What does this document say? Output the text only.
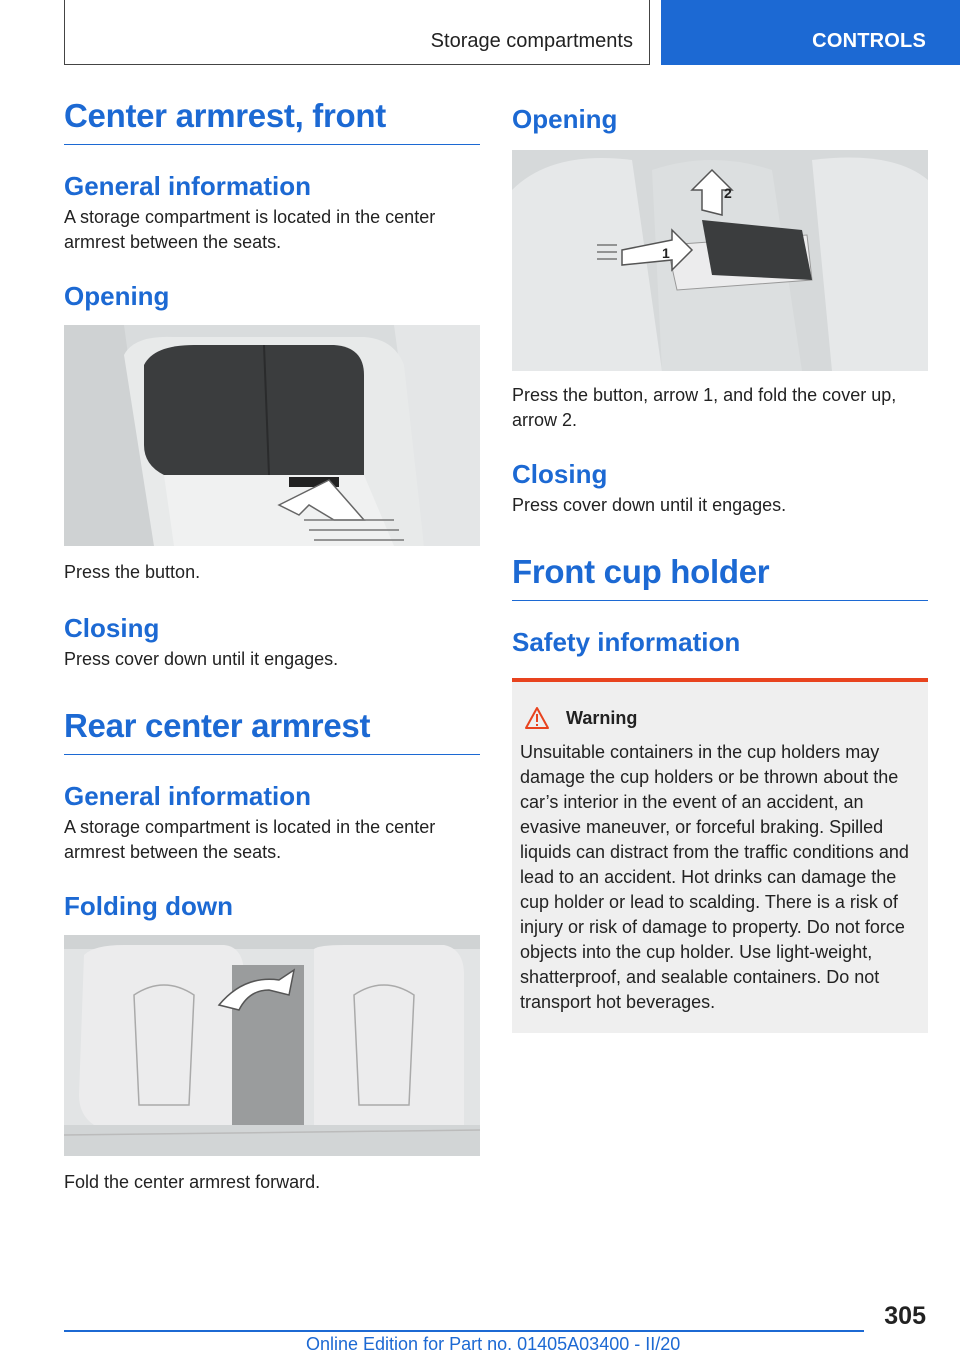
Storage compartments	CONTROLS
Center armrest, front
General information
A storage compartment is located in the center armrest between the seats.
Opening
Press the button.
Closing
Press cover down until it engages.
Rear center armrest
General information
A storage compartment is located in the center armrest between the seats.
Folding down
Fold the center armrest forward.
Opening
1
2
Press the button, arrow 1, and fold the cover up, arrow 2.
Closing
Press cover down until it engages.
Front cup holder
Safety information
Warning
Unsuitable containers in the cup holders may damage the cup holders or be thrown about the car’s interior in the event of an accident, an evasive maneuver, or forceful braking. Spilled liquids can distract from the traffic conditions and lead to an accident. Hot drinks can damage the cup holder or lead to scalding. There is a risk of injury or risk of damage to property. Do not force objects into the cup holder. Use light-weight, shatterproof, and sealable containers. Do not transport hot beverages.
305
Online Edition for Part no. 01405A03400 - II/20
